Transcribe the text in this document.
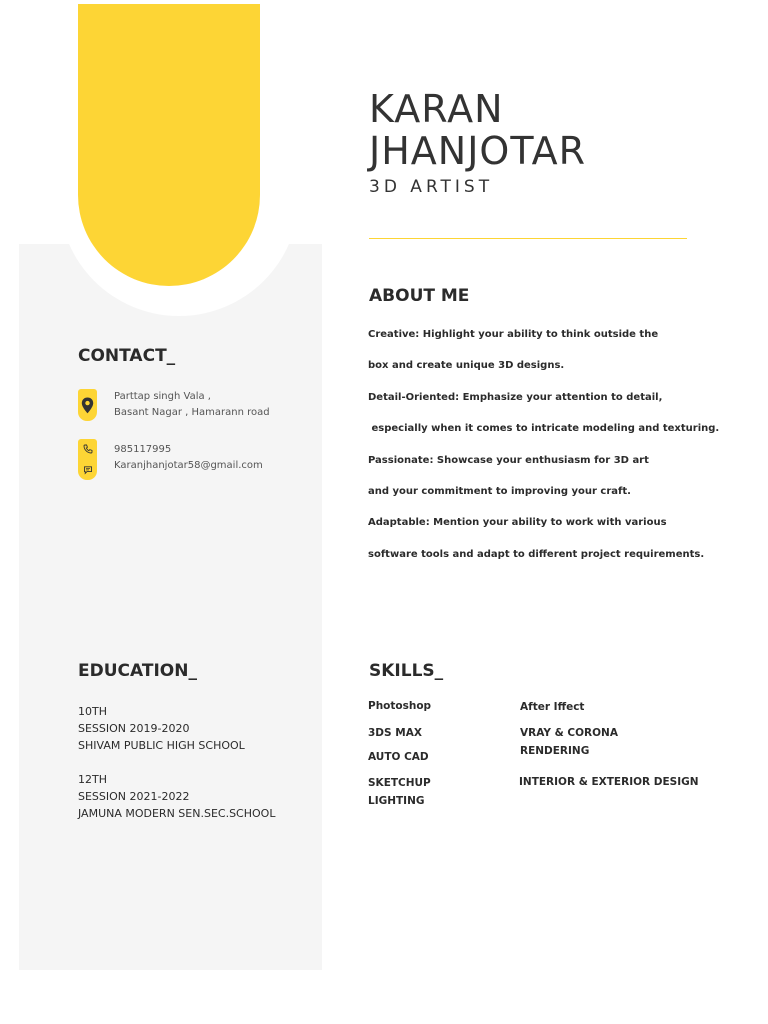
KARAN
JHANJOTAR
3D ARTIST
ABOUT ME
Creative: Highlight your ability to think outside the
box and create unique 3D designs.
Detail-Oriented: Emphasize your attention to detail,
especially when it comes to intricate modeling and texturing.
Passionate: Showcase your enthusiasm for 3D art
and your commitment to improving your craft.
Adaptable: Mention your ability to work with various
software tools and adapt to different project requirements.
CONTACT_
Parttap singh Vala ,
Basant Nagar , Hamarann road
985117995
Karanjhanjotar58@gmail.com
EDUCATION_
10TH
SESSION 2019-2020
SHIVAM PUBLIC HIGH SCHOOL
12TH
SESSION 2021-2022
JAMUNA MODERN SEN.SEC.SCHOOL
SKILLS_
Photoshop
3DS MAX
AUTO CAD
SKETCHUP
LIGHTING
After Iffect
VRAY & CORONA
RENDERING
INTERIOR & EXTERIOR DESIGN
